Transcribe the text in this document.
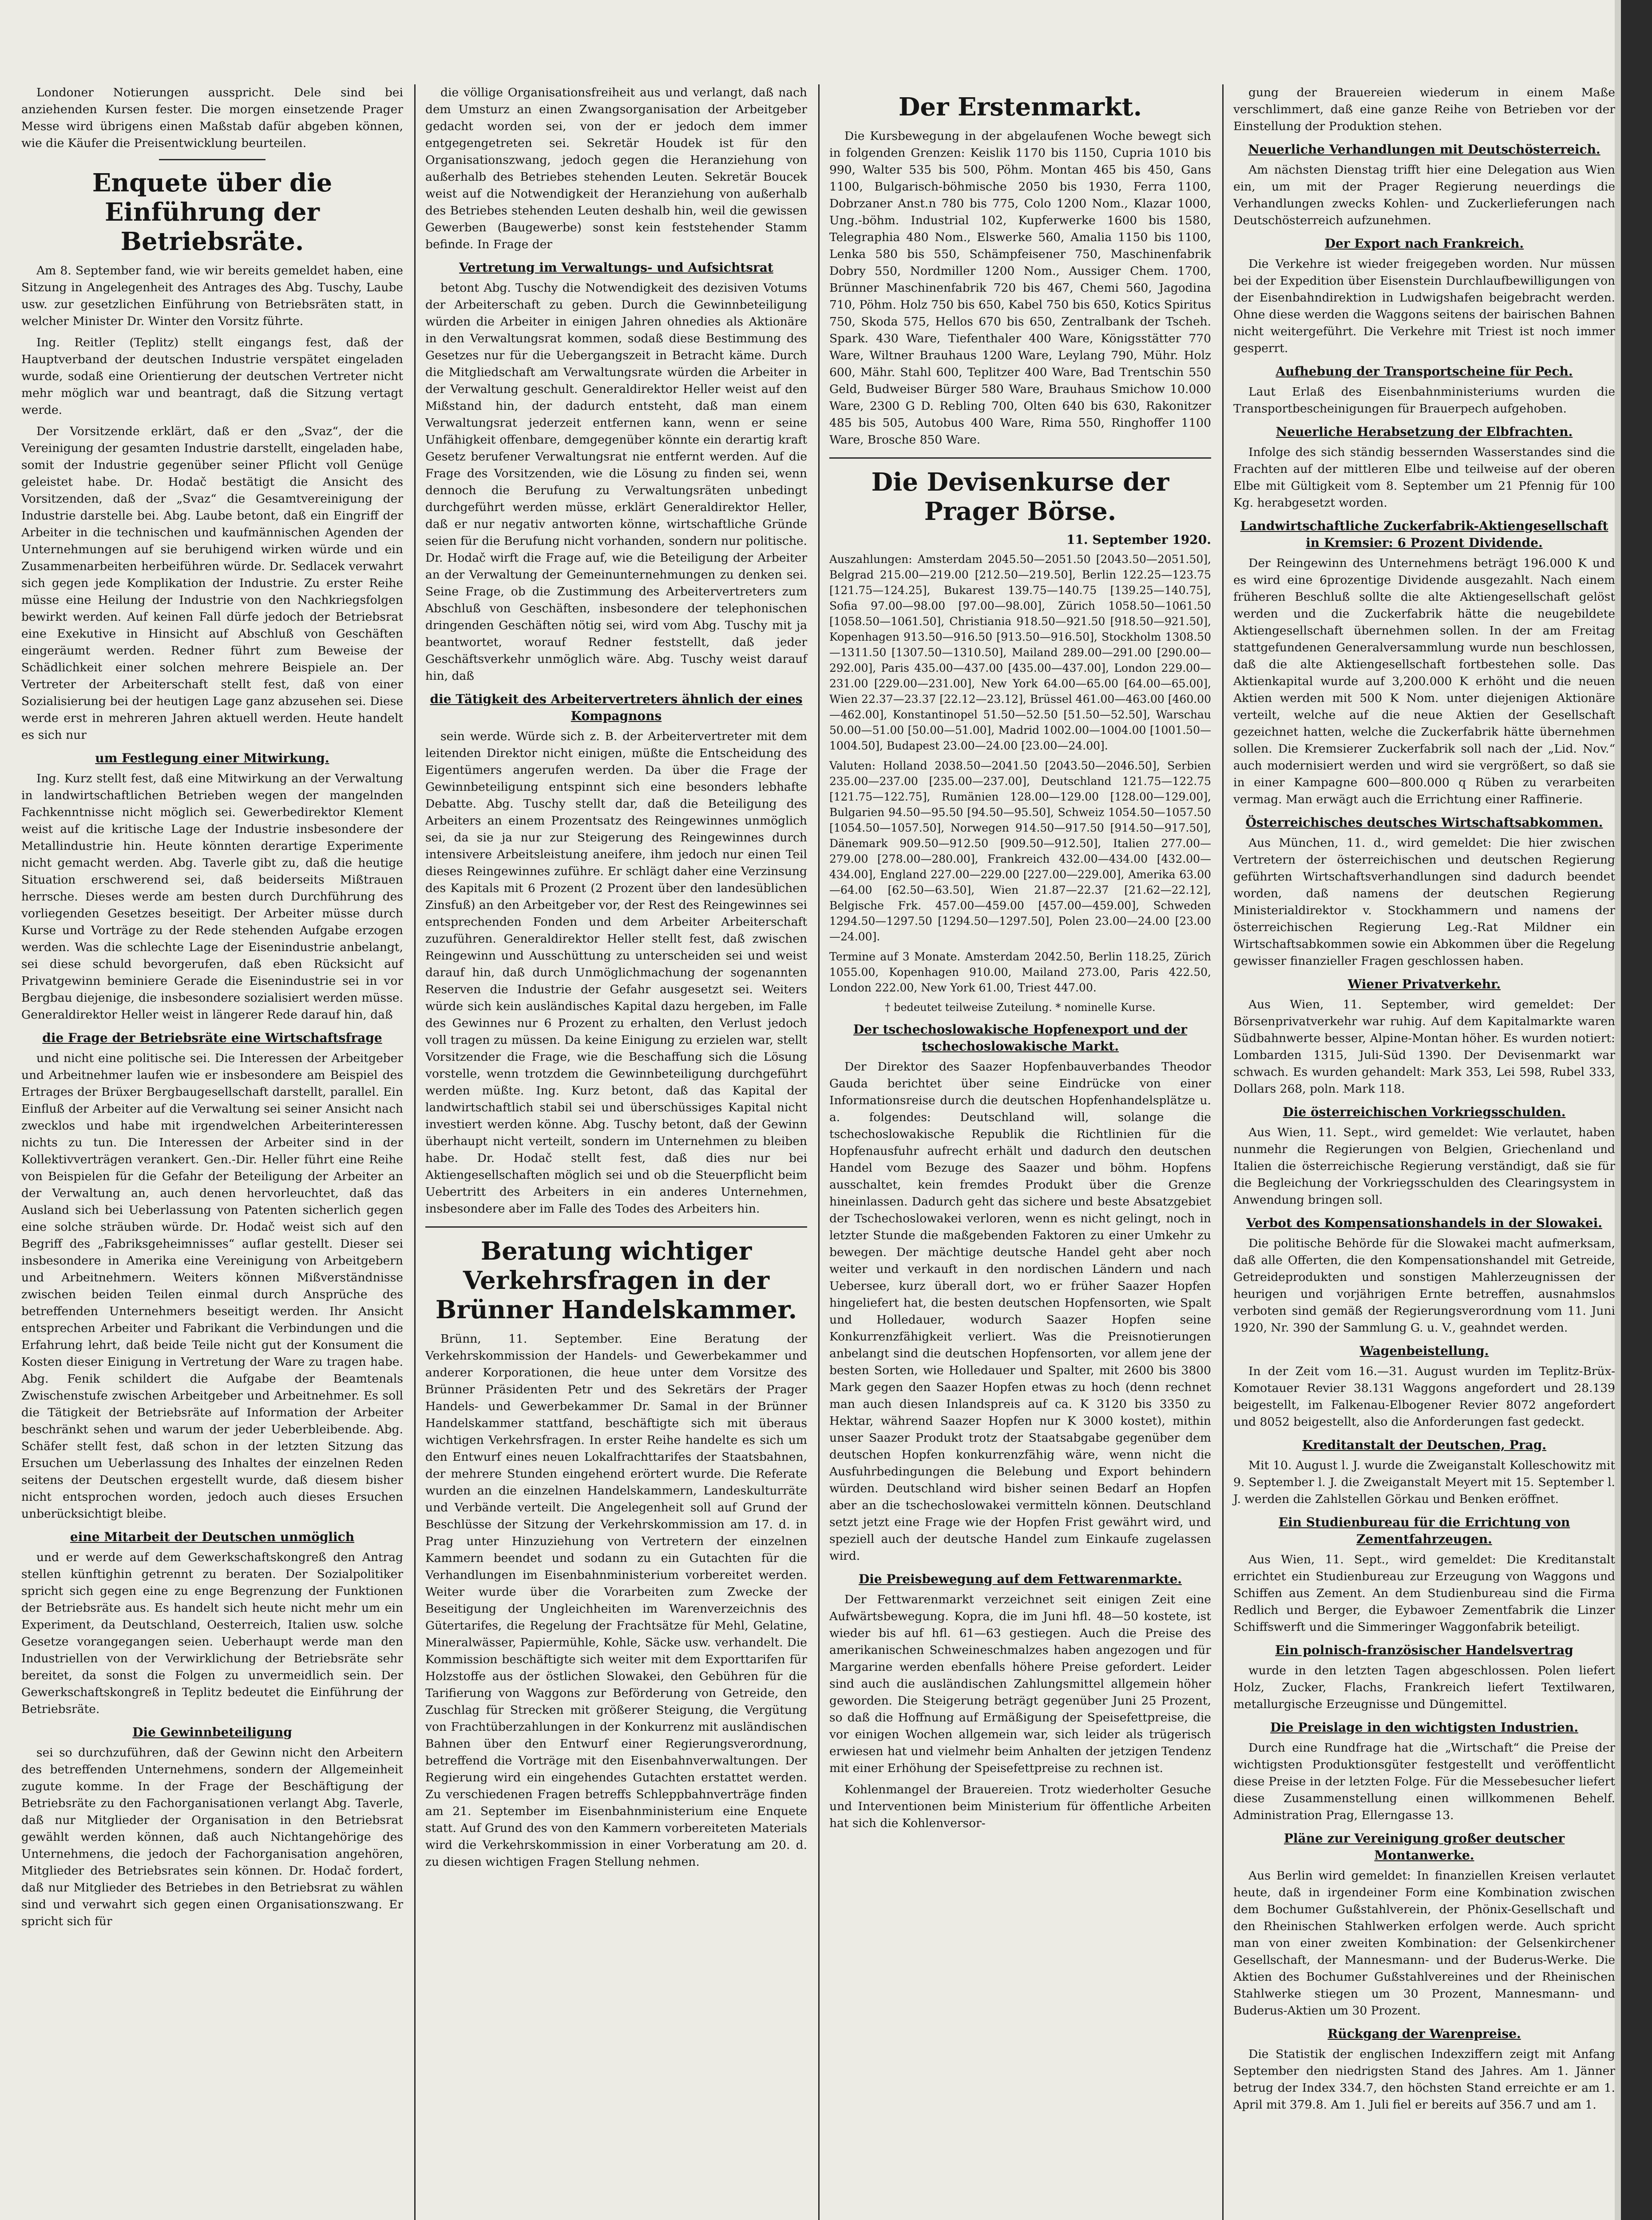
Londoner Notierungen ausspricht. Dele sind bei anziehenden Kursen fester. Die morgen einsetzende Prager Messe wird übrigens einen Maßstab dafür abgeben können, wie die Käufer die Preisentwicklung beurteilen.

Enquete über die Einführung der Betriebsräte.

Am 8. September fand, wie wir bereits gemeldet haben, eine Sitzung in Angelegenheit des Antrages des Abg. Tuschy, Laube usw. zur gesetzlichen Einführung von Betriebsräten statt, in welcher Minister Dr. Winter den Vorsitz führte.

Ing. Reitler (Teplitz) stellt eingangs fest, daß der Hauptverband der deutschen Industrie verspätet eingeladen wurde, sodaß eine Orientierung der deutschen Vertreter nicht mehr möglich war und beantragt, daß die Sitzung vertagt werde.

Der Vorsitzende erklärt, daß er den „Svaz“, der die Vereinigung der gesamten Industrie darstellt, eingeladen habe, somit der Industrie gegenüber seiner Pflicht voll Genüge geleistet habe. Dr. Hodač bestätigt die Ansicht des Vorsitzenden, daß der „Svaz“ die Gesamtvereinigung der Industrie darstelle bei. Abg. Laube betont, daß ein Eingriff der Arbeiter in die technischen und kaufmännischen Agenden der Unternehmungen auf sie beruhigend wirken würde und ein Zusammenarbeiten herbeiführen würde. Dr. Sedlacek verwahrt sich gegen jede Komplikation der Industrie. Zu erster Reihe müsse eine Heilung der Industrie von den Nachkriegsfolgen bewirkt werden. Auf keinen Fall dürfe jedoch der Betriebsrat eine Exekutive in Hinsicht auf Abschluß von Geschäften eingeräumt werden. Redner führt zum Beweise der Schädlichkeit einer solchen mehrere Beispiele an. Der Vertreter der Arbeiterschaft stellt fest, daß von einer Sozialisierung bei der heutigen Lage ganz abzusehen sei. Diese werde erst in mehreren Jahren aktuell werden. Heute handelt es sich nur

um Festlegung einer Mitwirkung.

Ing. Kurz stellt fest, daß eine Mitwirkung an der Verwaltung in landwirtschaftlichen Betrieben wegen der mangelnden Fachkenntnisse nicht möglich sei. Gewerbedirektor Klement weist auf die kritische Lage der Industrie insbesondere der Metallindustrie hin. Heute könnten derartige Experimente nicht gemacht werden. Abg. Taverle gibt zu, daß die heutige Situation erschwerend sei, daß beiderseits Mißtrauen herrsche. Dieses werde am besten durch Durchführung des vorliegenden Gesetzes beseitigt. Der Arbeiter müsse durch Kurse und Vorträge zu der Rede stehenden Aufgabe erzogen werden. Was die schlechte Lage der Eisenindustrie anbelangt, sei diese schuld bevorgerufen, daß eben Rücksicht auf Privatgewinn beminiere Gerade die Eisenindustrie sei in vor Bergbau diejenige, die insbesondere sozialisiert werden müsse. Generaldirektor Heller weist in längerer Rede darauf hin, daß

die Frage der Betriebsräte eine Wirtschaftsfrage

und nicht eine politische sei. Die Interessen der Arbeitgeber und Arbeitnehmer laufen wie er insbesondere am Beispiel des Ertrages der Brüxer Bergbaugesellschaft darstellt, parallel. Ein Einfluß der Arbeiter auf die Verwaltung sei seiner Ansicht nach zwecklos und habe mit irgendwelchen Arbeiterinteressen nichts zu tun. Die Interessen der Arbeiter sind in der Kollektivverträgen verankert. Gen.-Dir. Heller führt eine Reihe von Beispielen für die Gefahr der Beteiligung der Arbeiter an der Verwaltung an, auch denen hervorleuchtet, daß das Ausland sich bei Ueberlassung von Patenten sicherlich gegen eine solche sträuben würde. Dr. Hodač weist sich auf den Begriff des „Fabriksgeheimnisses“ auflar gestellt. Dieser sei insbesondere in Amerika eine Vereinigung von Arbeitgebern und Arbeitnehmern. Weiters können Mißverständnisse zwischen beiden Teilen einmal durch Ansprüche des betreffenden Unternehmers beseitigt werden. Ihr Ansicht entsprechen Arbeiter und Fabrikant die Verbindungen und die Erfahrung lehrt, daß beide Teile nicht gut der Konsument die Kosten dieser Einigung in Vertretung der Ware zu tragen habe. Abg. Fenik schildert die Aufgabe der Beamtenals Zwischenstufe zwischen Arbeitgeber und Arbeitnehmer. Es soll die Tätigkeit der Betriebsräte auf Information der Arbeiter beschränkt sehen und warum der jeder Ueberbleibende. Abg. Schäfer stellt fest, daß schon in der letzten Sitzung das Ersuchen um Ueberlassung des Inhaltes der einzelnen Reden seitens der Deutschen ergestellt wurde, daß diesem bisher nicht entsprochen worden, jedoch auch dieses Ersuchen unberücksichtigt bleibe.

eine Mitarbeit der Deutschen unmöglich

und er werde auf dem Gewerkschaftskongreß den Antrag stellen künftighin getrennt zu beraten. Der Sozialpolitiker spricht sich gegen eine zu enge Begrenzung der Funktionen der Betriebsräte aus. Es handelt sich heute nicht mehr um ein Experiment, da Deutschland, Oesterreich, Italien usw. solche Gesetze vorangegangen seien. Ueberhaupt werde man den Industriellen von der Verwirklichung der Betriebsräte sehr bereitet, da sonst die Folgen zu unvermeidlich sein. Der Gewerkschaftskongreß in Teplitz bedeutet die Einführung der Betriebsräte.

Die Gewinnbeteiligung

sei so durchzuführen, daß der Gewinn nicht den Arbeitern des betreffenden Unternehmens, sondern der Allgemeinheit zugute komme. In der Frage der Beschäftigung der Betriebsräte zu den Fachorganisationen verlangt Abg. Taverle, daß nur Mitglieder der Organisation in den Betriebsrat gewählt werden können, daß auch Nichtangehörige des Unternehmens, die jedoch der Fachorganisation angehören, Mitglieder des Betriebsrates sein können. Dr. Hodač fordert, daß nur Mitglieder des Betriebes in den Betriebsrat zu wählen sind und verwahrt sich gegen einen Organisationszwang. Er spricht sich für

die völlige Organisationsfreiheit aus und verlangt, daß nach dem Umsturz an einen Zwangsorganisation der Arbeitgeber gedacht worden sei, von der er jedoch dem immer entgegengetreten sei. Sekretär Houdek ist für den Organisationszwang, jedoch gegen die Heranziehung von außerhalb des Betriebes stehenden Leuten. Sekretär Boucek weist auf die Notwendigkeit der Heranziehung von außerhalb des Betriebes stehenden Leuten deshalb hin, weil die gewissen Gewerben (Baugewerbe) sonst kein feststehender Stamm befinde. In Frage der

Vertretung im Verwaltungs- und Aufsichtsrat

betont Abg. Tuschy die Notwendigkeit des dezisiven Votums der Arbeiterschaft zu geben. Durch die Gewinnbeteiligung würden die Arbeiter in einigen Jahren ohnedies als Aktionäre in den Verwaltungsrat kommen, sodaß diese Bestimmung des Gesetzes nur für die Uebergangszeit in Betracht käme. Durch die Mitgliedschaft am Verwaltungsrate würden die Arbeiter in der Verwaltung geschult. Generaldirektor Heller weist auf den Mißstand hin, der dadurch entsteht, daß man einem Verwaltungsrat jederzeit entfernen kann, wenn er seine Unfähigkeit offenbare, demgegenüber könnte ein derartig kraft Gesetz berufener Verwaltungsrat nie entfernt werden. Auf die Frage des Vorsitzenden, wie die Lösung zu finden sei, wenn dennoch die Berufung zu Verwaltungsräten unbedingt durchgeführt werden müsse, erklärt Generaldirektor Heller, daß er nur negativ antworten könne, wirtschaftliche Gründe seien für die Berufung nicht vorhanden, sondern nur politische. Dr. Hodač wirft die Frage auf, wie die Beteiligung der Arbeiter an der Verwaltung der Gemeinunternehmungen zu denken sei. Seine Frage, ob die Zustimmung des Arbeitervertreters zum Abschluß von Geschäften, insbesondere der telephonischen dringenden Geschäften nötig sei, wird vom Abg. Tuschy mit ja beantwortet, worauf Redner feststellt, daß jeder Geschäftsverkehr unmöglich wäre. Abg. Tuschy weist darauf hin, daß

die Tätigkeit des Arbeitervertreters ähnlich der eines Kompagnons

sein werde. Würde sich z. B. der Arbeitervertreter mit dem leitenden Direktor nicht einigen, müßte die Entscheidung des Eigentümers angerufen werden. Da über die Frage der Gewinnbeteiligung entspinnt sich eine besonders lebhafte Debatte. Abg. Tuschy stellt dar, daß die Beteiligung des Arbeiters an einem Prozentsatz des Reingewinnes unmöglich sei, da sie ja nur zur Steigerung des Reingewinnes durch intensivere Arbeitsleistung aneifere, ihm jedoch nur einen Teil dieses Reingewinnes zuführe. Er schlägt daher eine Verzinsung des Kapitals mit 6 Prozent (2 Prozent über den landesüblichen Zinsfuß) an den Arbeitgeber vor, der Rest des Reingewinnes sei entsprechenden Fonden und dem Arbeiter Arbeiterschaft zuzuführen. Generaldirektor Heller stellt fest, daß zwischen Reingewinn und Ausschüttung zu unterscheiden sei und weist darauf hin, daß durch Unmöglichmachung der sogenannten Reserven die Industrie der Gefahr ausgesetzt sei. Weiters würde sich kein ausländisches Kapital dazu hergeben, im Falle des Gewinnes nur 6 Prozent zu erhalten, den Verlust jedoch voll tragen zu müssen. Da keine Einigung zu erzielen war, stellt Vorsitzender die Frage, wie die Beschaffung sich die Lösung vorstelle, wenn trotzdem die Gewinnbeteiligung durchgeführt werden müßte. Ing. Kurz betont, daß das Kapital der landwirtschaftlich stabil sei und überschüssiges Kapital nicht investiert werden könne. Abg. Tuschy betont, daß der Gewinn überhaupt nicht verteilt, sondern im Unternehmen zu bleiben habe. Dr. Hodač stellt fest, daß dies nur bei Aktiengesellschaften möglich sei und ob die Steuerpflicht beim Uebertritt des Arbeiters in ein anderes Unternehmen, insbesondere aber im Falle des Todes des Arbeiters hin.

Beratung wichtiger Verkehrsfragen in der Brünner Handelskammer.

Brünn, 11. September. Eine Beratung der Verkehrskommission der Handels- und Gewerbekammer und anderer Korporationen, die heue unter dem Vorsitze des Brünner Präsidenten Petr und des Sekretärs der Prager Handels- und Gewerbekammer Dr. Samal in der Brünner Handelskammer stattfand, beschäftigte sich mit überaus wichtigen Verkehrsfragen. In erster Reihe handelte es sich um den Entwurf eines neuen Lokalfrachttarifes der Staatsbahnen, der mehrere Stunden eingehend erörtert wurde. Die Referate wurden an die einzelnen Handelskammern, Landeskulturräte und Verbände verteilt. Die Angelegenheit soll auf Grund der Beschlüsse der Sitzung der Verkehrskommission am 17. d. in Prag unter Hinzuziehung von Vertretern der einzelnen Kammern beendet und sodann zu ein Gutachten für die Verhandlungen im Eisenbahnministerium vorbereitet werden. Weiter wurde über die Vorarbeiten zum Zwecke der Beseitigung der Ungleichheiten im Warenverzeichnis des Gütertarifes, die Regelung der Frachtsätze für Mehl, Gelatine, Mineralwässer, Papiermühle, Kohle, Säcke usw. verhandelt. Die Kommission beschäftigte sich weiter mit dem Exporttarifen für Holzstoffe aus der östlichen Slowakei, den Gebühren für die Tarifierung von Waggons zur Beförderung von Getreide, den Zuschlag für Strecken mit größerer Steigung, die Vergütung von Frachtüberzahlungen in der Konkurrenz mit ausländischen Bahnen über den Entwurf einer Regierungsverordnung, betreffend die Vorträge mit den Eisenbahnverwaltungen. Der Regierung wird ein eingehendes Gutachten erstattet werden. Zu verschiedenen Fragen betreffs Schleppbahnverträge finden am 21. September im Eisenbahnministerium eine Enquete statt. Auf Grund des von den Kammern vorbereiteten Materials wird die Verkehrskommission in einer Vorberatung am 20. d. zu diesen wichtigen Fragen Stellung nehmen.

Der Erstenmarkt.

Die Kursbewegung in der abgelaufenen Woche bewegt sich in folgenden Grenzen: Keislik 1170 bis 1150, Cupria 1010 bis 990, Walter 535 bis 500, Pöhm. Montan 465 bis 450, Gans 1100, Bulgarisch-böhmische 2050 bis 1930, Ferra 1100, Dobrzaner Anst.n 780 bis 775, Colo 1200 Nom., Klazar 1000, Ung.-böhm. Industrial 102, Kupferwerke 1600 bis 1580, Telegraphia 480 Nom., Elswerke 560, Amalia 1150 bis 1100, Lenka 580 bis 550, Schämpfeisener 750, Maschinenfabrik Dobry 550, Nordmiller 1200 Nom., Aussiger Chem. 1700, Brünner Maschinenfabrik 720 bis 467, Chemi 560, Jagodina 710, Pöhm. Holz 750 bis 650, Kabel 750 bis 650, Kotics Spiritus 750, Skoda 575, Hellos 670 bis 650, Zentralbank der Tscheh. Spark. 430 Ware, Tiefenthaler 400 Ware, Königsstätter 770 Ware, Wiltner Brauhaus 1200 Ware, Leylang 790, Mühr. Holz 600, Mähr. Stahl 600, Teplitzer 400 Ware, Bad Trentschin 550 Geld, Budweiser Bürger 580 Ware, Brauhaus Smichow 10.000 Ware, 2300 G D. Rebling 700, Olten 640 bis 630, Rakonitzer 485 bis 505, Autobus 400 Ware, Rima 550, Ringhoffer 1100 Ware, Brosche 850 Ware.

Die Devisenkurse der Prager Börse.
11. September 1920.

Auszahlungen: Amsterdam 2045.50—2051.50 [2043.50—2051.50], Belgrad 215.00—219.00 [212.50—219.50], Berlin 122.25—123.75 [121.75—124.25], Bukarest 139.75—140.75 [139.25—140.75], Sofia 97.00—98.00 [97.00—98.00], Zürich 1058.50—1061.50 [1058.50—1061.50], Christiania 918.50—921.50 [918.50—921.50], Kopenhagen 913.50—916.50 [913.50—916.50], Stockholm 1308.50—1311.50 [1307.50—1310.50], Mailand 289.00—291.00 [290.00—292.00], Paris 435.00—437.00 [435.00—437.00], London 229.00—231.00 [229.00—231.00], New York 64.00—65.00 [64.00—65.00], Wien 22.37—23.37 [22.12—23.12], Brüssel 461.00—463.00 [460.00—462.00], Konstantinopel 51.50—52.50 [51.50—52.50], Warschau 50.00—51.00 [50.00—51.00], Madrid 1002.00—1004.00 [1001.50—1004.50], Budapest 23.00—24.00 [23.00—24.00].

Valuten: Holland 2038.50—2041.50 [2043.50—2046.50], Serbien 235.00—237.00 [235.00—237.00], Deutschland 121.75—122.75 [121.75—122.75], Rumänien 128.00—129.00 [128.00—129.00], Bulgarien 94.50—95.50 [94.50—95.50], Schweiz 1054.50—1057.50 [1054.50—1057.50], Norwegen 914.50—917.50 [914.50—917.50], Dänemark 909.50—912.50 [909.50—912.50], Italien 277.00—279.00 [278.00—280.00], Frankreich 432.00—434.00 [432.00—434.00], England 227.00—229.00 [227.00—229.00], Amerika 63.00—64.00 [62.50—63.50], Wien 21.87—22.37 [21.62—22.12], Belgische Frk. 457.00—459.00 [457.00—459.00], Schweden 1294.50—1297.50 [1294.50—1297.50], Polen 23.00—24.00 [23.00—24.00].

Termine auf 3 Monate. Amsterdam 2042.50, Berlin 118.25, Zürich 1055.00, Kopenhagen 910.00, Mailand 273.00, Paris 422.50, London 222.00, New York 61.00, Triest 447.00.

† bedeutet teilweise Zuteilung. * nominelle Kurse.
Der tschechoslowakische Hopfenexport und der tschechoslowakische Markt.

Der Direktor des Saazer Hopfenbauverbandes Theodor Gauda berichtet über seine Eindrücke von einer Informationsreise durch die deutschen Hopfenhandelsplätze u. a. folgendes: Deutschland will, solange die tschechoslowakische Republik die Richtlinien für die Hopfenausfuhr aufrecht erhält und dadurch den deutschen Handel vom Bezuge des Saazer und böhm. Hopfens ausschaltet, kein fremdes Produkt über die Grenze hineinlassen. Dadurch geht das sichere und beste Absatzgebiet der Tschechoslowakei verloren, wenn es nicht gelingt, noch in letzter Stunde die maßgebenden Faktoren zu einer Umkehr zu bewegen. Der mächtige deutsche Handel geht aber noch weiter und verkauft in den nordischen Ländern und nach Uebersee, kurz überall dort, wo er früher Saazer Hopfen hingeliefert hat, die besten deutschen Hopfensorten, wie Spalt und Holledauer, wodurch Saazer Hopfen seine Konkurrenzfähigkeit verliert. Was die Preisnotierungen anbelangt sind die deutschen Hopfensorten, vor allem jene der besten Sorten, wie Holledauer und Spalter, mit 2600 bis 3800 Mark gegen den Saazer Hopfen etwas zu hoch (denn rechnet man auch diesen Inlandspreis auf ca. K 3120 bis 3350 zu Hektar, während Saazer Hopfen nur K 3000 kostet), mithin unser Saazer Produkt trotz der Staatsabgabe gegenüber dem deutschen Hopfen konkurrenzfähig wäre, wenn nicht die Ausfuhrbedingungen die Belebung und Export behindern würden. Deutschland wird bisher seinen Bedarf an Hopfen aber an die tschechoslowakei vermitteln können. Deutschland setzt jetzt eine Frage wie der Hopfen Frist gewährt wird, und speziell auch der deutsche Handel zum Einkaufe zugelassen wird.

Die Preisbewegung auf dem Fettwarenmarkte.

Der Fettwarenmarkt verzeichnet seit einigen Zeit eine Aufwärtsbewegung. Kopra, die im Juni hfl. 48—50 kostete, ist wieder bis auf hfl. 61—63 gestiegen. Auch die Preise des amerikanischen Schweineschmalzes haben angezogen und für Margarine werden ebenfalls höhere Preise gefordert. Leider sind auch die ausländischen Zahlungsmittel allgemein höher geworden. Die Steigerung beträgt gegenüber Juni 25 Prozent, so daß die Hoffnung auf Ermäßigung der Speisefettpreise, die vor einigen Wochen allgemein war, sich leider als trügerisch erwiesen hat und vielmehr beim Anhalten der jetzigen Tendenz mit einer Erhöhung der Speisefettpreise zu rechnen ist.

Kohlenmangel der Brauereien. Trotz wiederholter Gesuche und Interventionen beim Ministerium für öffentliche Arbeiten hat sich die Kohlenversor-

gung der Brauereien wiederum in einem Maße verschlimmert, daß eine ganze Reihe von Betrieben vor der Einstellung der Produktion stehen.

Neuerliche Verhandlungen mit Deutschösterreich.

Am nächsten Dienstag trifft hier eine Delegation aus Wien ein, um mit der Prager Regierung neuerdings die Verhandlungen zwecks Kohlen- und Zuckerlieferungen nach Deutschösterreich aufzunehmen.

Der Export nach Frankreich.

Die Verkehre ist wieder freigegeben worden. Nur müssen bei der Expedition über Eisenstein Durchlaufbewilligungen von der Eisenbahndirektion in Ludwigshafen beigebracht werden. Ohne diese werden die Waggons seitens der bairischen Bahnen nicht weitergeführt. Die Verkehre mit Triest ist noch immer gesperrt.

Aufhebung der Transportscheine für Pech.

Laut Erlaß des Eisenbahnministeriums wurden die Transportbescheinigungen für Brauerpech aufgehoben.

Neuerliche Herabsetzung der Elbfrachten.

Infolge des sich ständig bessernden Wasserstandes sind die Frachten auf der mittleren Elbe und teilweise auf der oberen Elbe mit Gültigkeit vom 8. September um 21 Pfennig für 100 Kg. herabgesetzt worden.

Landwirtschaftliche Zuckerfabrik-Aktiengesellschaft in Kremsier: 6 Prozent Dividende.

Der Reingewinn des Unternehmens beträgt 196.000 K und es wird eine 6prozentige Dividende ausgezahlt. Nach einem früheren Beschluß sollte die alte Aktiengesellschaft gelöst werden und die Zuckerfabrik hätte die neugebildete Aktiengesellschaft übernehmen sollen. In der am Freitag stattgefundenen Generalversammlung wurde nun beschlossen, daß die alte Aktiengesellschaft fortbestehen solle. Das Aktienkapital wurde auf 3,200.000 K erhöht und die neuen Aktien werden mit 500 K Nom. unter diejenigen Aktionäre verteilt, welche auf die neue Aktien der Gesellschaft gezeichnet hatten, welche die Zuckerfabrik hätte übernehmen sollen. Die Kremsierer Zuckerfabrik soll nach der „Lid. Nov.“ auch modernisiert werden und wird sie vergrößert, so daß sie in einer Kampagne 600—800.000 q Rüben zu verarbeiten vermag. Man erwägt auch die Errichtung einer Raffinerie.

Österreichisches deutsches Wirtschaftsabkommen.

Aus München, 11. d., wird gemeldet: Die hier zwischen Vertretern der österreichischen und deutschen Regierung geführten Wirtschaftsverhandlungen sind dadurch beendet worden, daß namens der deutschen Regierung Ministerialdirektor v. Stockhammern und namens der österreichischen Regierung Leg.-Rat Mildner ein Wirtschaftsabkommen sowie ein Abkommen über die Regelung gewisser finanzieller Fragen geschlossen haben.

Wiener Privatverkehr.

Aus Wien, 11. September, wird gemeldet: Der Börsenprivatverkehr war ruhig. Auf dem Kapitalmarkte waren Südbahnwerte besser, Alpine-Montan höher. Es wurden notiert: Lombarden 1315, Juli-Süd 1390. Der Devisenmarkt war schwach. Es wurden gehandelt: Mark 353, Lei 598, Rubel 333, Dollars 268, poln. Mark 118.

Die österreichischen Vorkriegsschulden.

Aus Wien, 11. Sept., wird gemeldet: Wie verlautet, haben nunmehr die Regierungen von Belgien, Griechenland und Italien die österreichische Regierung verständigt, daß sie für die Begleichung der Vorkriegsschulden des Clearingsystem in Anwendung bringen soll.

Verbot des Kompensationshandels in der Slowakei.

Die politische Behörde für die Slowakei macht aufmerksam, daß alle Offerten, die den Kompensationshandel mit Getreide, Getreideprodukten und sonstigen Mahlerzeugnissen der heurigen und vorjährigen Ernte betreffen, ausnahmslos verboten sind gemäß der Regierungsverordnung vom 11. Juni 1920, Nr. 390 der Sammlung G. u. V., geahndet werden.

Wagenbeistellung.

In der Zeit vom 16.—31. August wurden im Teplitz-Brüx-Komotauer Revier 38.131 Waggons angefordert und 28.139 beigestellt, im Falkenau-Elbogener Revier 8072 angefordert und 8052 beigestellt, also die Anforderungen fast gedeckt.

Kreditanstalt der Deutschen, Prag.

Mit 10. August l. J. wurde die Zweiganstalt Kolleschowitz mit 9. September l. J. die Zweiganstalt Meyert mit 15. September l. J. werden die Zahlstellen Görkau und Benken eröffnet.

Ein Studienbureau für die Errichtung von Zementfahrzeugen.

Aus Wien, 11. Sept., wird gemeldet: Die Kreditanstalt errichtet ein Studienbureau zur Erzeugung von Waggons und Schiffen aus Zement. An dem Studienbureau sind die Firma Redlich und Berger, die Eybawoer Zementfabrik die Linzer Schiffswerft und die Simmeringer Waggonfabrik beteiligt.

Ein polnisch-französischer Handelsvertrag

wurde in den letzten Tagen abgeschlossen. Polen liefert Holz, Zucker, Flachs, Frankreich liefert Textilwaren, metallurgische Erzeugnisse und Düngemittel.

Die Preislage in den wichtigsten Industrien.

Durch eine Rundfrage hat die „Wirtschaft“ die Preise der wichtigsten Produktionsgüter festgestellt und veröffentlicht diese Preise in der letzten Folge. Für die Messebesucher liefert diese Zusammenstellung einen willkommenen Behelf. Administration Prag, Ellerngasse 13.

Pläne zur Vereinigung großer deutscher Montanwerke.

Aus Berlin wird gemeldet: In finanziellen Kreisen verlautet heute, daß in irgendeiner Form eine Kombination zwischen dem Bochumer Gußstahlverein, der Phönix-Gesellschaft und den Rheinischen Stahlwerken erfolgen werde. Auch spricht man von einer zweiten Kombination: der Gelsenkirchener Gesellschaft, der Mannesmann- und der Buderus-Werke. Die Aktien des Bochumer Gußstahlvereines und der Rheinischen Stahlwerke stiegen um 30 Prozent, Mannesmann- und Buderus-Aktien um 30 Prozent.

Rückgang der Warenpreise.

Die Statistik der englischen Indexziffern zeigt mit Anfang September den niedrigsten Stand des Jahres. Am 1. Jänner betrug der Index 334.7, den höchsten Stand erreichte er am 1. April mit 379.8. Am 1. Juli fiel er bereits auf 356.7 und am 1.
